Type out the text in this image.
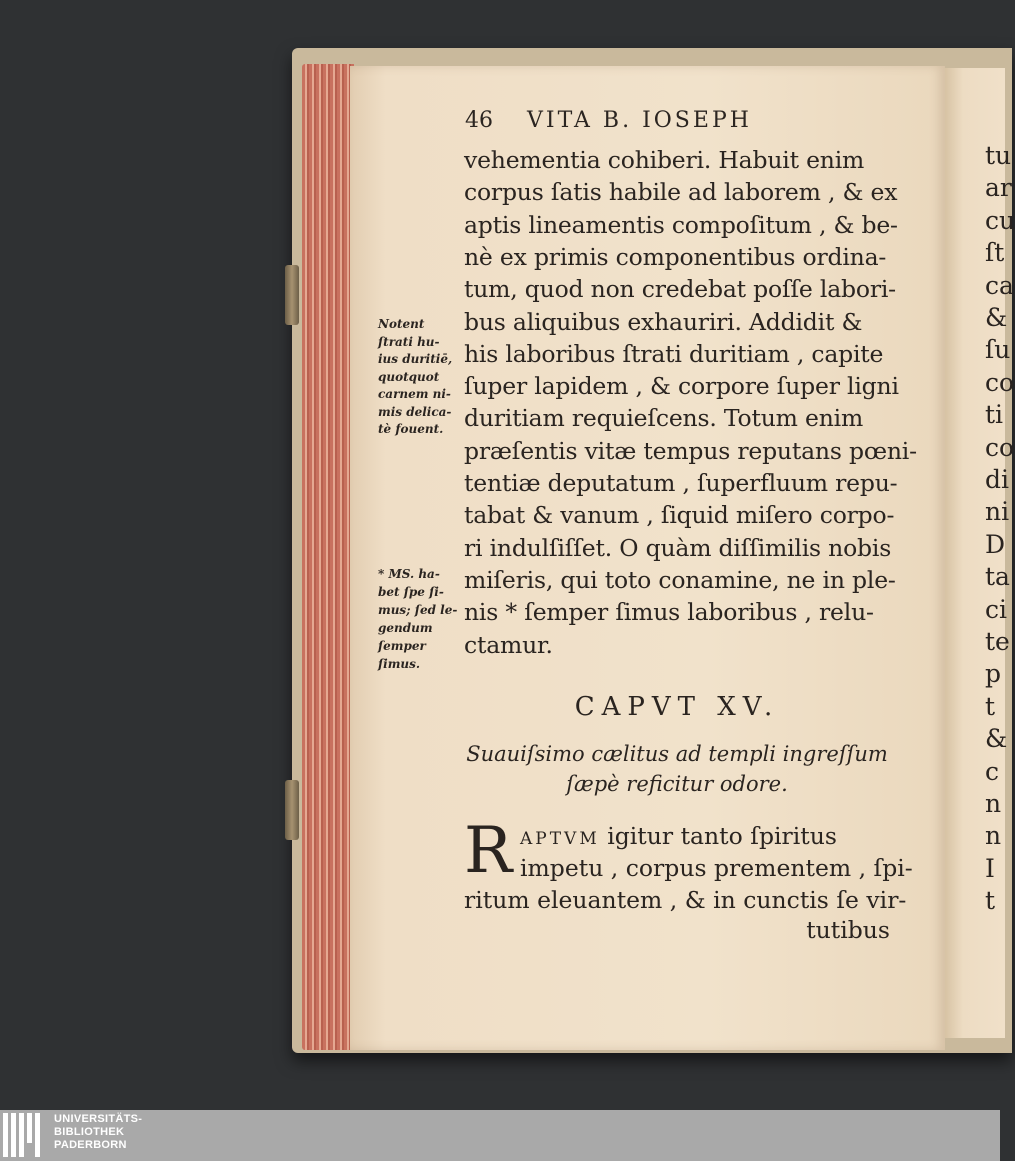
46 VITA B. IOSEPH
vehementia cohiberi. Habuit enim
corpus ſatis habile ad laborem , & ex
aptis lineamentis compoſitum , & be-
nè ex primis componentibus ordina-
tum, quod non credebat poſſe labori-
bus aliquibus exhauriri. Addidit &
his laboribus ſtrati duritiam , capite
ſuper lapidem , & corpore ſuper ligni
duritiam requieſcens. Totum enim
præſentis vitæ tempus reputans pœni-
tentiæ deputatum , ſuperfluum repu-
tabat & vanum , ſiquid miſero corpo-
ri indulſiſſet. O quàm diſſimilis nobis
miſeris, qui toto conamine, ne in ple-
nis * ſemper ſimus laboribus , relu-
ctamur.
Notent
ſtrati hu-
ius duritiē,
quotquot
carnem ni-
mis delica-
tè fouent.
* MS. ha-
bet ſpe ſi-
mus; ſed le-
gendum
ſemper
ſimus.
CAPVT XV.
Suauiſsimo cælitus ad templi ingreſſum
ſæpè reficitur odore.
R APTVM igitur tanto ſpiritus
impetu , corpus prementem , ſpi-
ritum eleuantem , & in cunctis ſe vir-
tutibus
tu
ar
cu
ſt
ca
&
ſu
co
ti
co
di
ni
D
ta
ci
te
p
t
&
c
n
n
I
t
UNIVERSITÄTS-
BIBLIOTHEK
PADERBORN
